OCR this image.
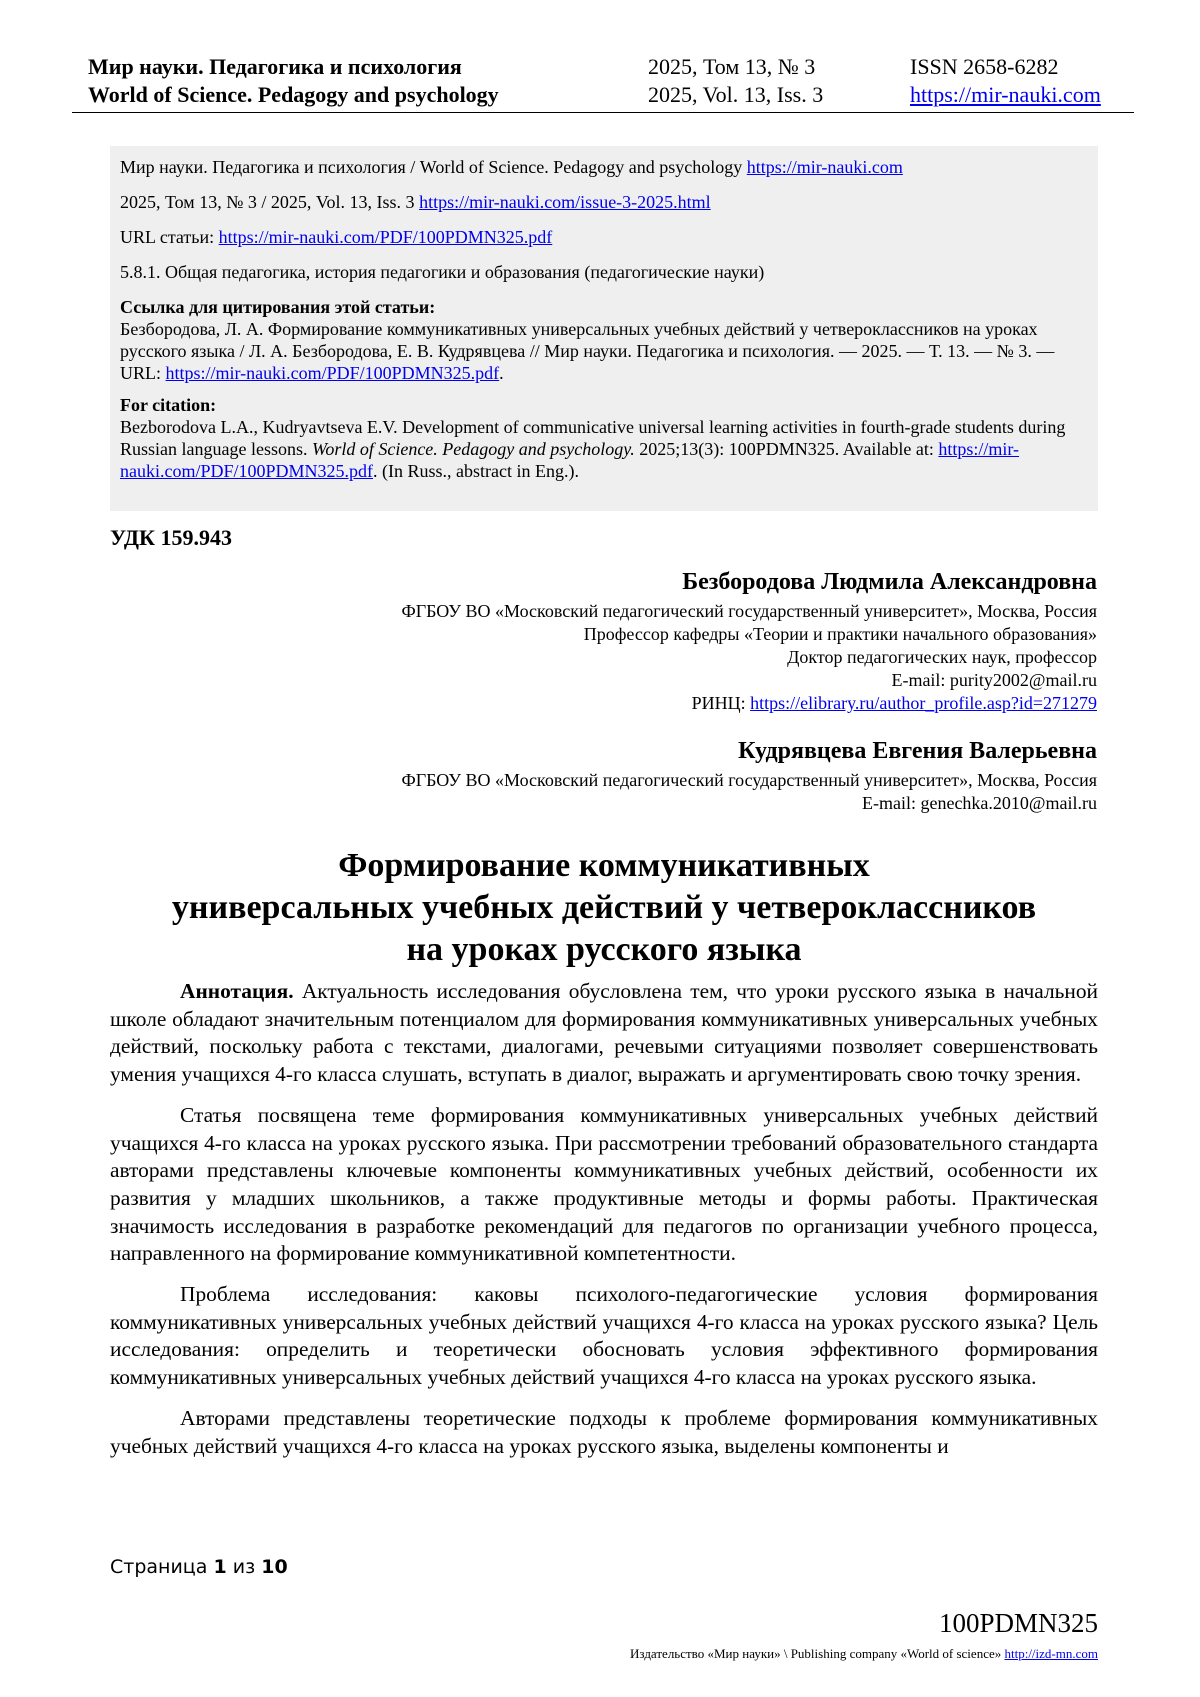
Мир науки. Педагогика и психология	2025, Том 13, № 3	ISSN 2658-6282
World of Science. Pedagogy and psychology	2025, Vol. 13, Iss. 3	https://mir-nauki.com

Мир науки. Педагогика и психология / World of Science. Pedagogy and psychology https://mir-nauki.com

2025, Том 13, № 3 / 2025, Vol. 13, Iss. 3 https://mir-nauki.com/issue-3-2025.html

URL статьи: https://mir-nauki.com/PDF/100PDMN325.pdf

5.8.1. Общая педагогика, история педагогики и образования (педагогические науки)

Ссылка для цитирования этой статьи:

Безбородова, Л. А. Формирование коммуникативных универсальных учебных действий у четвероклассников на уроках русского языка / Л. А. Безбородова, Е. В. Кудрявцева // Мир науки. Педагогика и психология. — 2025. — Т. 13. — № 3. — URL: https://mir-nauki.com/PDF/100PDMN325.pdf.

For citation:

Bezborodova L.A., Kudryavtseva E.V. Development of communicative universal learning activities in fourth-grade students during Russian language lessons. World of Science. Pedagogy and psychology. 2025;13(3): 100PDMN325. Available at: https://mir-nauki.com/PDF/100PDMN325.pdf. (In Russ., abstract in Eng.).

УДК 159.943
Безбородова Людмила Александровна
ФГБОУ ВО «Московский педагогический государственный университет», Москва, Россия
Профессор кафедры «Теории и практики начального образования»
Доктор педагогических наук, профессор
E-mail: purity2002@mail.ru
РИНЦ: https://elibrary.ru/author_profile.asp?id=271279
Кудрявцева Евгения Валерьевна
ФГБОУ ВО «Московский педагогический государственный университет», Москва, Россия
E-mail: genechka.2010@mail.ru
Формирование коммуникативных
универсальных учебных действий у четвероклассников
на уроках русского языка

Аннотация. Актуальность исследования обусловлена тем, что уроки русского языка в начальной школе обладают значительным потенциалом для формирования коммуникативных универсальных учебных действий, поскольку работа с текстами, диалогами, речевыми ситуациями позволяет совершенствовать умения учащихся 4-го класса слушать, вступать в диалог, выражать и аргументировать свою точку зрения.

Статья посвящена теме формирования коммуникативных универсальных учебных действий учащихся 4-го класса на уроках русского языка. При рассмотрении требований образовательного стандарта авторами представлены ключевые компоненты коммуникативных учебных действий, особенности их развития у младших школьников, а также продуктивные методы и формы работы. Практическая значимость исследования в разработке рекомендаций для педагогов по организации учебного процесса, направленного на формирование коммуникативной компетентности.

Проблема исследования: каковы психолого-педагогические условия формирования коммуникативных универсальных учебных действий учащихся 4-го класса на уроках русского языка? Цель исследования: определить и теоретически обосновать условия эффективного формирования коммуникативных универсальных учебных действий учащихся 4-го класса на уроках русского языка.

Авторами представлены теоретические подходы к проблеме формирования коммуникативных учебных действий учащихся 4-го класса на уроках русского языка, выделены компоненты и

Страница 1 из 10
100PDMN325
Издательство «Мир науки» \ Publishing company «World of science» http://izd-mn.com
